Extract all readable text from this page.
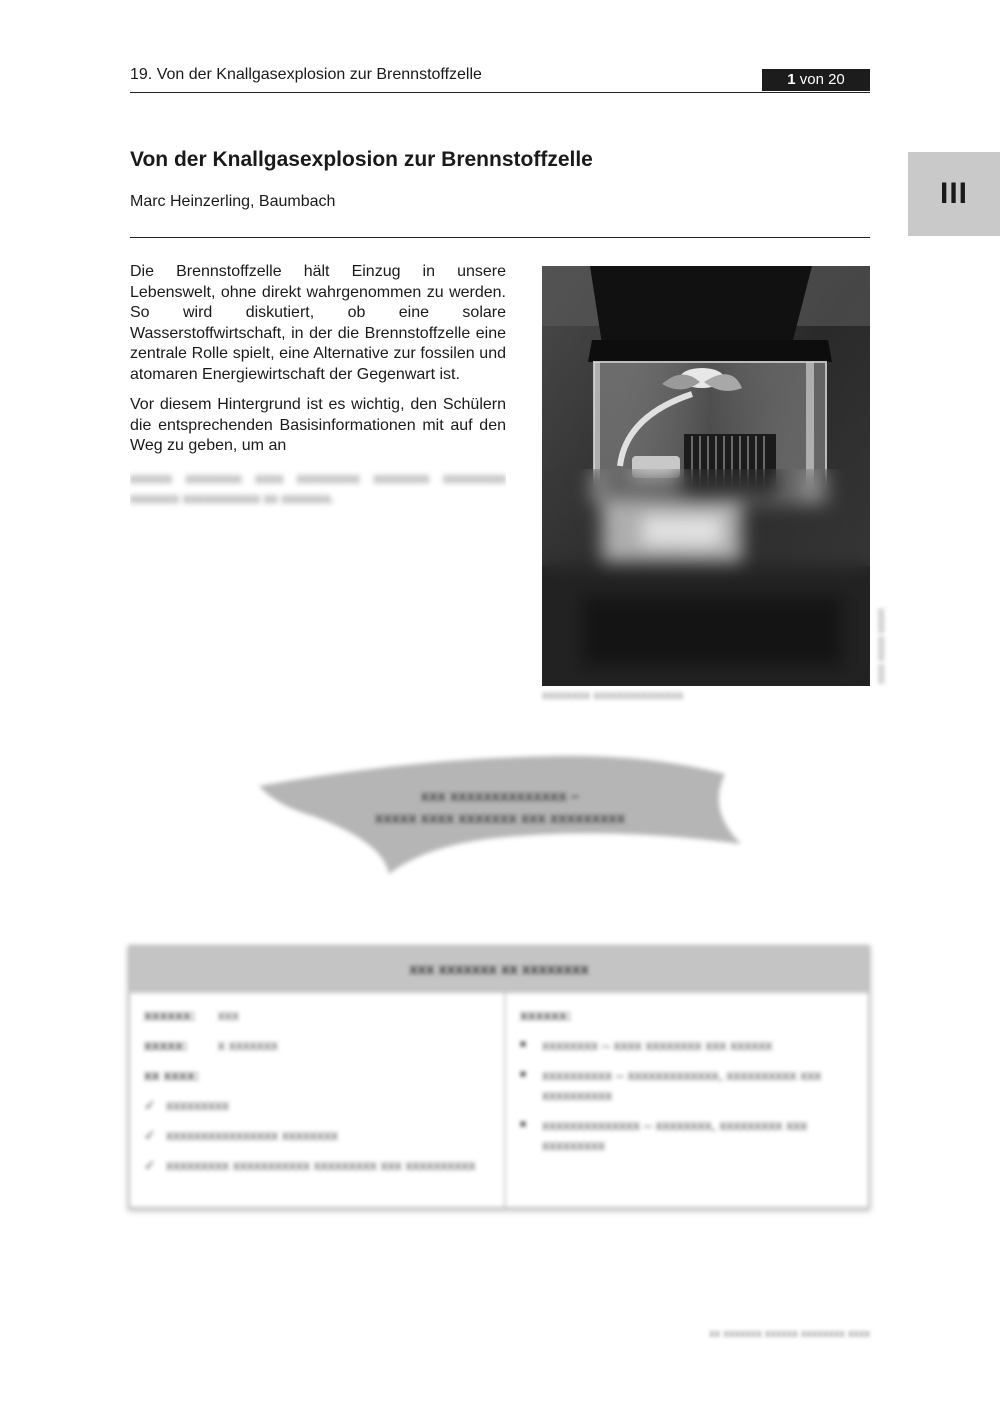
19. Von der Knallgasexplosion zur Brennstoffzelle	1 von 20
III
Von der Knallgasexplosion zur Brennstoffzelle
Marc Heinzerling, Baumbach

Die Brennstoffzelle hält Einzug in unsere Lebenswelt, ohne direkt wahrgenommen zu werden. So wird diskutiert, ob eine solare Wasserstoffwirtschaft, in der die Brennstoffzelle eine zentrale Rolle spielt, eine Alternative zur fossilen und atomaren Energiewirtschaft der Gegenwart ist.

Vor diesem Hintergrund ist es wichtig, den Schülern die entsprechenden Basisinformationen mit auf den Weg zu geben, um an

xxxxxx xxxxxxxx xxxx xxxxxxxxx xxxxxxxx xxxxxxxxx xxxxxxx xxxxxxxxxxx xx xxxxxxx.
xxxx xxxxx xxxxx
xxxxxxxx xxxxxxxxxxxxxxx
xxx xxxxxxxxxxxxxx –
xxxxx xxxx xxxxxxx xxx xxxxxxxxx
xxx xxxxxxx xx xxxxxxxx
xxxxxx: xxx
xxxxx: x xxxxxxx
xx xxxx:
✓ xxxxxxxxx
✓ xxxxxxxxxxxxxxxx xxxxxxxx
✓ xxxxxxxxx xxxxxxxxxxx xxxxxxxxx xxx xxxxxxxxxx
xxxxxx:
■ xxxxxxxx – xxxx xxxxxxxx xxx xxxxxx
■ xxxxxxxxxx – xxxxxxxxxxxxx, xxxxxxxxxx xxx xxxxxxxxxx
■ xxxxxxxxxxxxxx – xxxxxxxx, xxxxxxxxx xxx xxxxxxxxx
xx xxxxxxx xxxxxx xxxxxxxx xxxx
